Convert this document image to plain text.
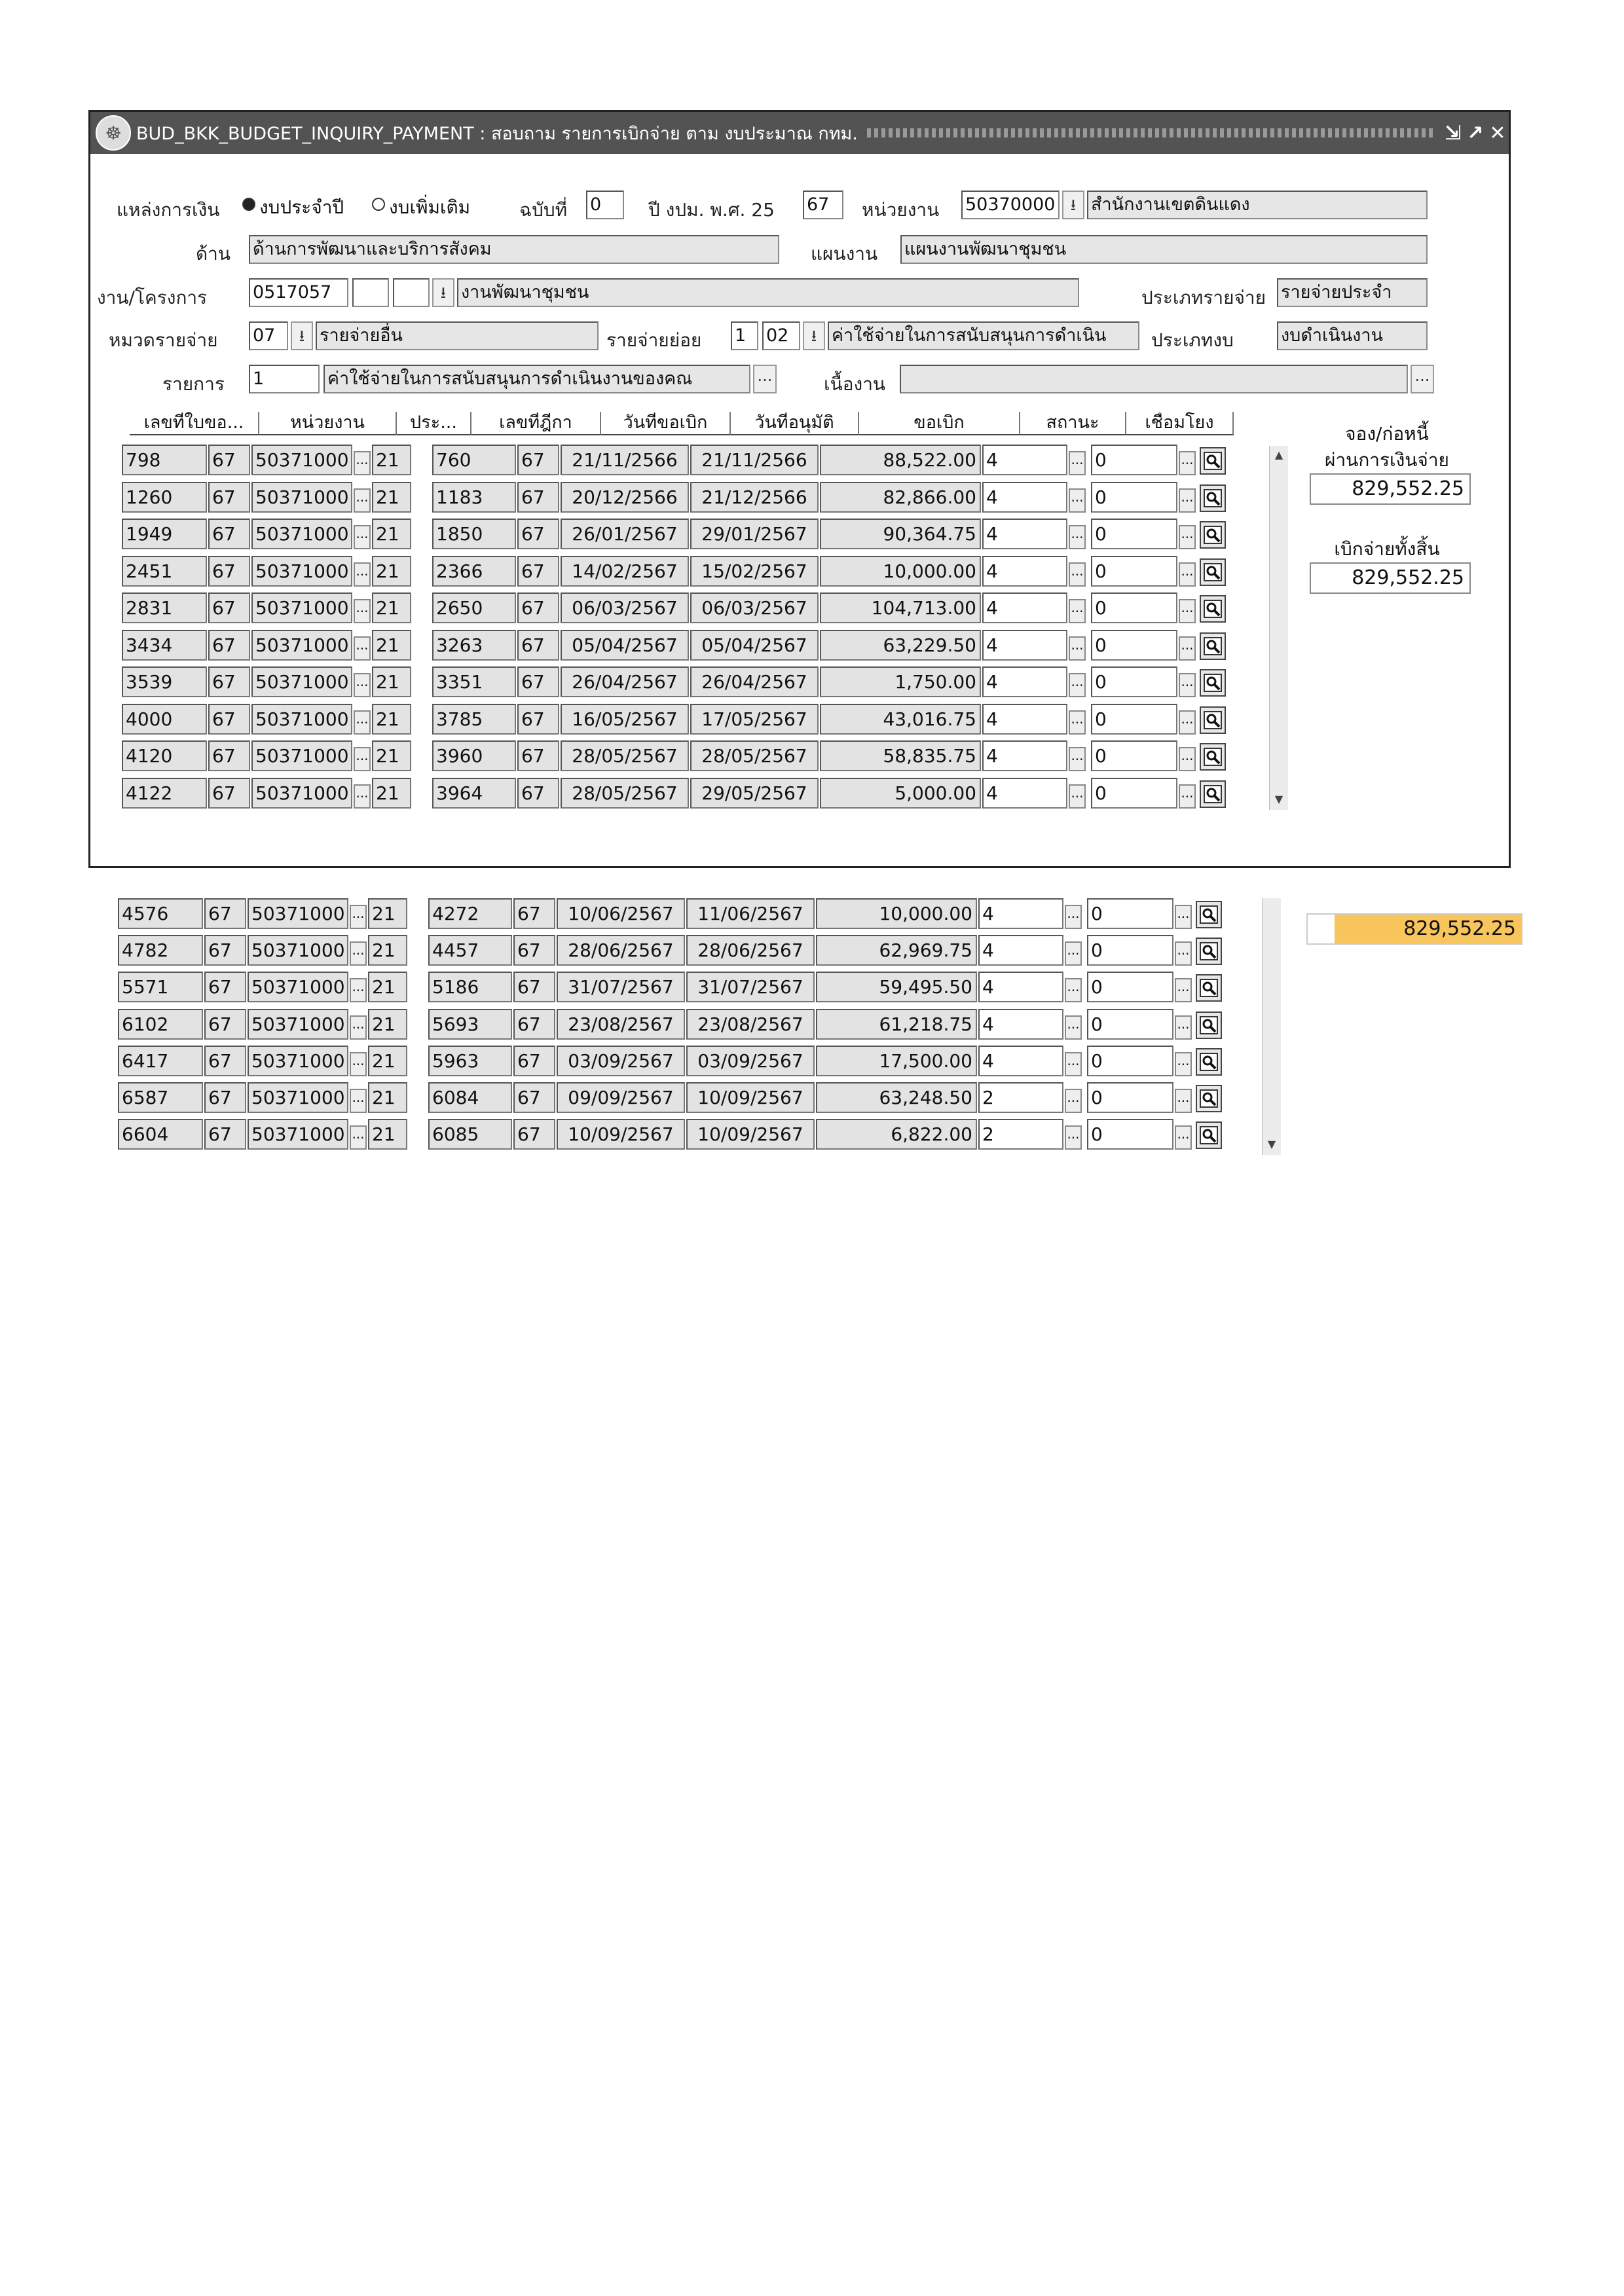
☸ BUD_BKK_BUDGET_INQUIRY_PAYMENT : สอบถาม รายการเบิกจ่าย ตาม งบประมาณ กทม.	⇲ ↗ ✕
แหล่งการเงิน	งบประจำปี	งบเพิ่มเติม	ฉบับที่ 0	ปี งปม. พ.ศ. 25 67	หน่วยงาน 50370000 ⭳ สำนักงานเขตดินแดง
ด้าน ด้านการพัฒนาและบริการสังคม	แผนงาน แผนงานพัฒนาชุมชน
งาน/โครงการ	0517057	⭳ งานพัฒนาชุมชน	ประเภทรายจ่าย รายจ่ายประจำ
หมวดรายจ่าย 07	⭳ รายจ่ายอื่น	รายจ่ายย่อย 1	02	⭳ ค่าใช้จ่ายในการสนับสนุนการดำเนิน	ประเภทงบ	งบดำเนินงาน
รายการ 1	ค่าใช้จ่ายในการสนับสนุนการดำเนินงานของคณ	...	เนื้องาน	...
เลขที่ใบขอ...	หน่วยงาน	ประ...	เลขที่ฎีกา	วันที่ขอเบิก	วันที่อนุมัติ	ขอเบิก	สถานะ	เชื่อมโยง
798	67	50371000 21	760	67	21/11/2566	21/11/2566	88,522.00 4	0
...	...	...
1260	67	50371000 21	1183	67	20/12/2566	21/12/2566	82,866.00 4	0
...	...	...
1949	67	50371000 21	1850	67	26/01/2567	29/01/2567	90,364.75 4	0
...	...	...
2451	67	50371000 21	2366	67	14/02/2567	15/02/2567	10,000.00 4	0
...	...	...
2831	67	50371000 21	2650	67	06/03/2567	06/03/2567	104,713.00 4	0
...	...	...
3434	67	50371000 21	3263	67	05/04/2567	05/04/2567	63,229.50 4	0
...	...	...
3539	67	50371000 21	3351	67	26/04/2567	26/04/2567	1,750.00 4	0
...	...	...
4000	67	50371000 21	3785	67	16/05/2567	17/05/2567	43,016.75 4	0
...	...	...
4120	67	50371000 21	3960	67	28/05/2567	28/05/2567	58,835.75 4	0
...	...	...
4122	67	50371000 21	3964	67	28/05/2567	29/05/2567	5,000.00 4	0
...	...	...
▲
▼
จอง/ก่อหนี้
ผ่านการเงินจ่าย
829,552.25
เบิกจ่ายทั้งสิ้น
829,552.25
4576	67	50371000 21	4272	67	10/06/2567	11/06/2567	10,000.00 4	0
...	...	...
4782	67	50371000 21	4457	67	28/06/2567	28/06/2567	62,969.75 4	0
...	...	...
5571	67	50371000 21	5186	67	31/07/2567	31/07/2567	59,495.50 4	0
...	...	...
6102	67	50371000 21	5693	67	23/08/2567	23/08/2567	61,218.75 4	0
...	...	...
6417	67	50371000 21	5963	67	03/09/2567	03/09/2567	17,500.00 4	0
...	...	...
6587	67	50371000 21	6084	67	09/09/2567	10/09/2567	63,248.50 2	0
...	...	...
6604	67	50371000 21	6085	67	10/09/2567	10/09/2567	6,822.00 2	0
...	...	...
▼
829,552.25
